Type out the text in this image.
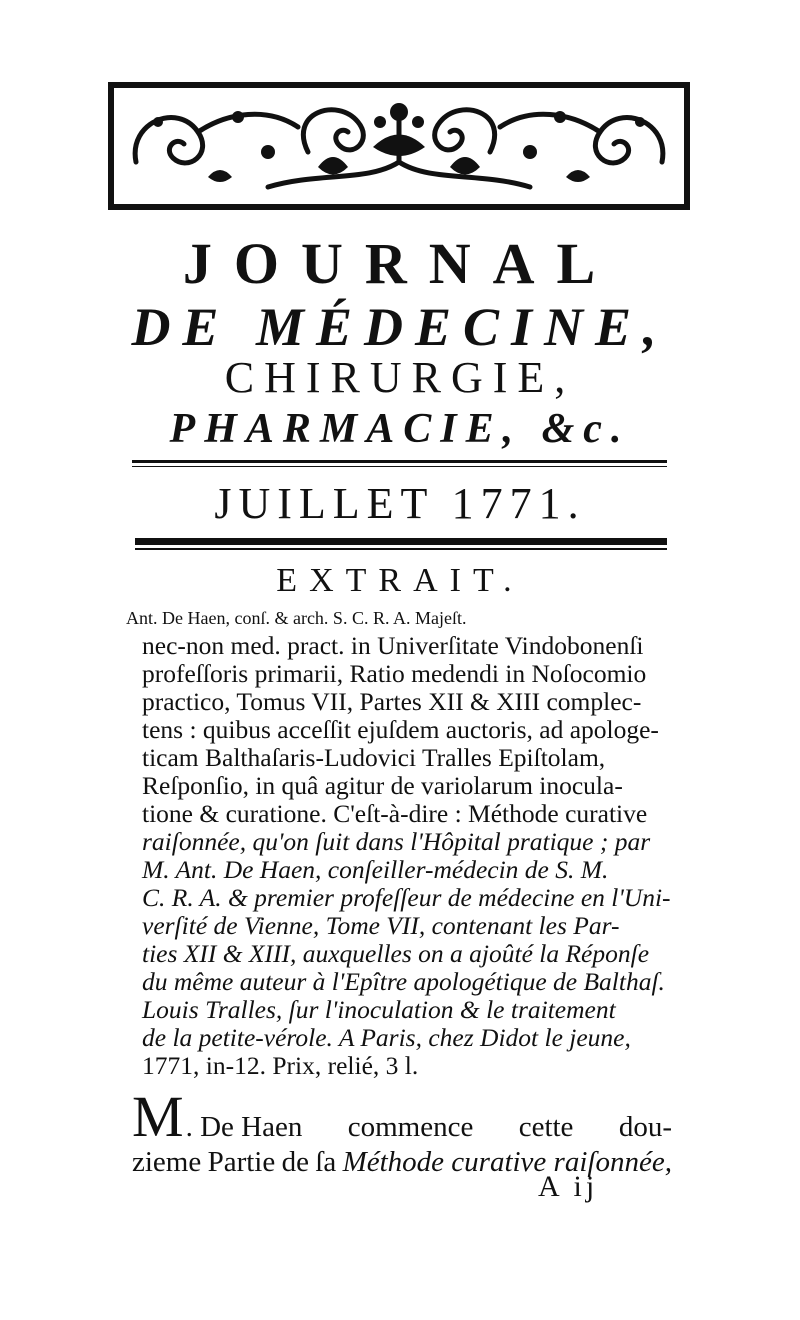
JOURNAL
DE MÉDECINE,
CHIRURGIE,
PHARMACIE, &c.
JUILLET 1771.
EXTRAIT.
Ant. De Haen, conſ. & arch. S. C. R. A. Majeſt.
nec-non med. pract. in Univerſitate Vindobonenſi
profeſſoris primarii, Ratio medendi in Noſocomio
practico, Tomus VII, Partes XII & XIII complec-
tens : quibus acceſſit ejuſdem auctoris, ad apologe-
ticam Balthaſaris-Ludovici Tralles Epiſtolam,
Reſponſio, in quâ agitur de variolarum inocula-
tione & curatione. C'eſt-à-dire : Méthode curative
raiſonnée, qu'on ſuit dans l'Hôpital pratique ; par
M. Ant. De Haen, conſeiller-médecin de S. M.
C. R. A. & premier profeſſeur de médecine en l'Uni-
verſité de Vienne, Tome VII, contenant les Par-
ties XII & XIII, auxquelles on a ajoûté la Réponſe
du même auteur à l'Epître apologétique de Balthaſ.
Louis Tralles, ſur l'inoculation & le traitement
de la petite-vérole. A Paris, chez Didot le jeune,
1771, in-12. Prix, relié, 3 l.
M . De Haen commence cette dou-
zieme Partie de ſa Méthode curative raiſonnée,
A ij
